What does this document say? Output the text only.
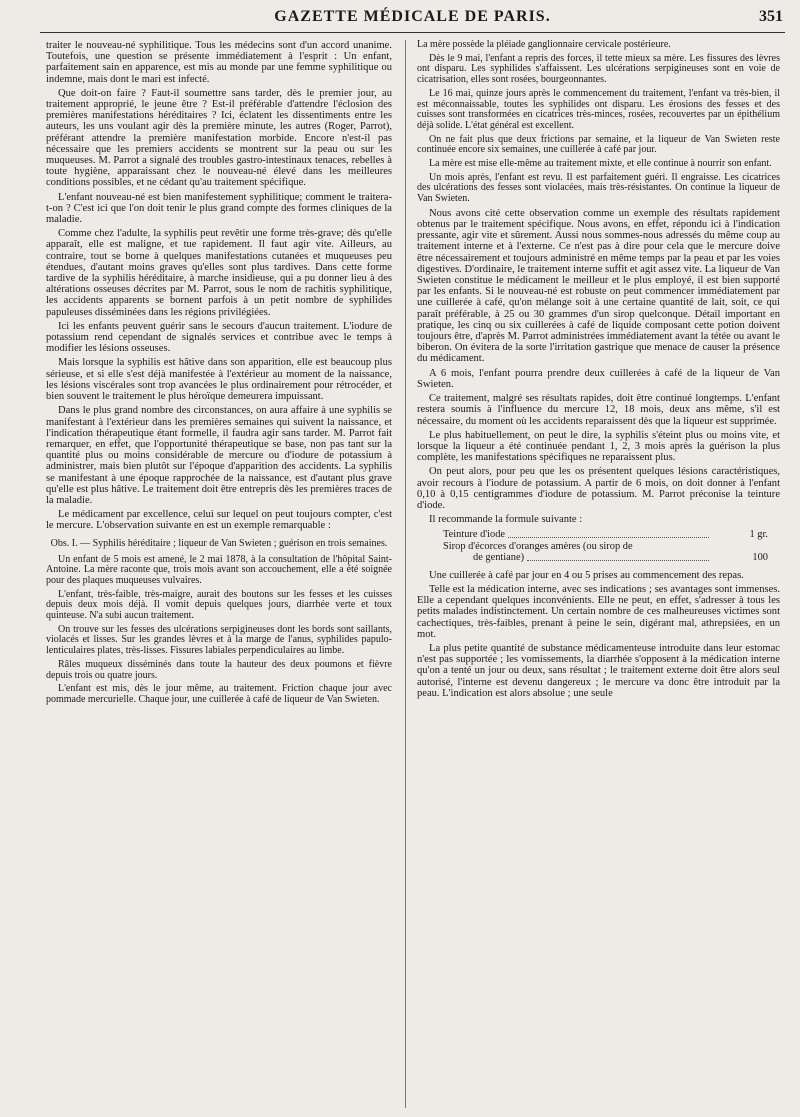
GAZETTE MÉDICALE DE PARIS.	351

traiter le nouveau-né syphilitique. Tous les médecins sont d'un accord unanime. Toutefois, une question se présente immédiatement à l'esprit : Un enfant, parfaitement sain en apparence, est mis au monde par une femme syphilitique ou indemne, mais dont le mari est infecté.

Que doit-on faire ? Faut-il soumettre sans tarder, dès le premier jour, au traitement approprié, le jeune être ? Est-il préférable d'attendre l'éclosion des premières manifestations héréditaires ? Ici, éclatent les dissentiments entre les auteurs, les uns voulant agir dès la première minute, les autres (Roger, Parrot), préférant attendre la première manifestation morbide. Encore n'est-il pas nécessaire que les premiers accidents se montrent sur la peau ou sur les muqueuses. M. Parrot a signalé des troubles gastro-intestinaux tenaces, rebelles à toute hygiène, apparaissant chez le nouveau-né élevé dans les meilleures conditions possibles, et ne cédant qu'au traitement spécifique.

L'enfant nouveau-né est bien manifestement syphilitique; comment le traitera-t-on ? C'est ici que l'on doit tenir le plus grand compte des formes cliniques de la maladie.

Comme chez l'adulte, la syphilis peut revêtir une forme très-grave; dès qu'elle apparaît, elle est maligne, et tue rapidement. Il faut agir vite. Ailleurs, au contraire, tout se borne à quelques manifestations cutanées et muqueuses peu étendues, d'autant moins graves qu'elles sont plus tardives. Dans cette forme tardive de la syphilis héréditaire, à marche insidieuse, qui a pu donner lieu à des altérations osseuses décrites par M. Parrot, sous le nom de rachitis syphilitique, les accidents apparents se bornent parfois à un petit nombre de syphilides papuleuses disséminées dans les régions privilégiées.

Ici les enfants peuvent guérir sans le secours d'aucun traitement. L'iodure de potassium rend cependant de signalés services et contribue avec le temps à modifier les lésions osseuses.

Mais lorsque la syphilis est hâtive dans son apparition, elle est beaucoup plus sérieuse, et si elle s'est déjà manifestée à l'extérieur au moment de la naissance, les lésions viscérales sont trop avancées le plus ordinairement pour rétrocéder, et bien souvent le traitement le plus héroïque demeurera impuissant.

Dans le plus grand nombre des circonstances, on aura affaire à une syphilis se manifestant à l'extérieur dans les premières semaines qui suivent la naissance, et l'indication thérapeutique étant formelle, il faudra agir sans tarder. M. Parrot fait remarquer, en effet, que l'opportunité thérapeutique se base, non pas tant sur la quantité plus ou moins considérable de mercure ou d'iodure de potassium à administrer, mais bien plutôt sur l'époque d'apparition des accidents. La syphilis se manifestant à une époque rapprochée de la naissance, est d'autant plus grave qu'elle est plus hâtive. Le traitement doit être entrepris dès les premières traces de la maladie.

Le médicament par excellence, celui sur lequel on peut toujours compter, c'est le mercure. L'observation suivante en est un exemple remarquable :

Obs. I. — Syphilis héréditaire ; liqueur de Van Swieten ; guérison en trois semaines.

Un enfant de 5 mois est amené, le 2 mai 1878, à la consultation de l'hôpital Saint-Antoine. La mère raconte que, trois mois avant son accouchement, elle a été soignée pour des plaques muqueuses vulvaires.

L'enfant, très-faible, très-maigre, aurait des boutons sur les fesses et les cuisses depuis deux mois déjà. Il vomit depuis quelques jours, diarrhée verte et toux quinteuse. N'a subi aucun traitement.

On trouve sur les fesses des ulcérations serpigineuses dont les bords sont saillants, violacés et lisses. Sur les grandes lèvres et à la marge de l'anus, syphilides papulo-lenticulaires plates, très-lisses. Fissures labiales perpendiculaires au limbe.

Râles muqueux disséminés dans toute la hauteur des deux poumons et fièvre depuis trois ou quatre jours.

L'enfant est mis, dès le jour même, au traitement. Friction chaque jour avec pommade mercurielle. Chaque jour, une cuillerée à café de liqueur de Van Swieten.

La mère possède la pléiade ganglionnaire cervicale postérieure.

Dès le 9 mai, l'enfant a repris des forces, il tette mieux sa mère. Les fissures des lèvres ont disparu. Les syphilides s'affaissent. Les ulcérations serpigineuses sont en voie de cicatrisation, elles sont rosées, bourgeonnantes.

Le 16 mai, quinze jours après le commencement du traitement, l'enfant va très-bien, il est méconnaissable, toutes les syphilides ont disparu. Les érosions des fesses et des cuisses sont transformées en cicatrices très-minces, rosées, recouvertes par un épithélium déjà solide. L'état général est excellent.

On ne fait plus que deux frictions par semaine, et la liqueur de Van Swieten reste continuée encore six semaines, une cuillerée à café par jour.

La mère est mise elle-même au traitement mixte, et elle continue à nourrir son enfant.

Un mois après, l'enfant est revu. Il est parfaitement guéri. Il engraisse. Les cicatrices des ulcérations des fesses sont violacées, mais très-résistantes. On continue la liqueur de Van Swieten.

Nous avons cité cette observation comme un exemple des résultats rapidement obtenus par le traitement spécifique. Nous avons, en effet, répondu ici à l'indication pressante, agir vite et sûrement. Aussi nous sommes-nous adressés du même coup au traitement interne et à l'externe. Ce n'est pas à dire pour cela que le mercure doive être nécessairement et toujours administré en même temps par la peau et par les voies digestives. D'ordinaire, le traitement interne suffit et agit assez vite. La liqueur de Van Swieten constitue le médicament le meilleur et le plus employé, il est bien supporté par les enfants. Si le nouveau-né est robuste on peut commencer immédiatement par une cuillerée à café, qu'on mélange soit à une certaine quantité de lait, soit, ce qui paraît préférable, à 25 ou 30 grammes d'un sirop quelconque. Détail important en pratique, les cinq ou six cuillerées à café de liquide composant cette potion doivent toujours être, d'après M. Parrot administrées immédiatement avant la tétée ou avant le biberon. On évitera de la sorte l'irritation gastrique que menace de causer la présence du médicament.

A 6 mois, l'enfant pourra prendre deux cuillerées à café de la liqueur de Van Swieten.

Ce traitement, malgré ses résultats rapides, doit être continué longtemps. L'enfant restera soumis à l'influence du mercure 12, 18 mois, deux ans même, s'il est nécessaire, du moment où les accidents reparaissent dès que la liqueur est supprimée.

Le plus habituellement, on peut le dire, la syphilis s'éteint plus ou moins vite, et lorsque la liqueur a été continuée pendant 1, 2, 3 mois après la guérison la plus complète, les manifestations spécifiques ne reparaissent plus.

On peut alors, pour peu que les os présentent quelques lésions caractéristiques, avoir recours à l'iodure de potassium. A partir de 6 mois, on doit donner à l'enfant 0,10 à 0,15 centigrammes d'iodure de potassium. M. Parrot préconise la teinture d'iode.

Il recommande la formule suivante :

Teinture d'iode	1 gr.
Sirop d'écorces d'oranges amères (ou sirop de
de gentiane)	100

Une cuillerée à café par jour en 4 ou 5 prises au commencement des repas.

Telle est la médication interne, avec ses indications ; ses avantages sont immenses. Elle a cependant quelques inconvénients. Elle ne peut, en effet, s'adresser à tous les petits malades indistinctement. Un certain nombre de ces malheureuses victimes sont cachectiques, très-faibles, prenant à peine le sein, digérant mal, athrepsiées, en un mot.

La plus petite quantité de substance médicamenteuse introduite dans leur estomac n'est pas supportée ; les vomissements, la diarrhée s'opposent à la médication interne qu'on a tenté un jour ou deux, sans résultat ; le traitement externe doit être alors seul autorisé, l'interne est devenu dangereux ; le mercure va donc être introduit par la peau. L'indication est alors absolue ; une seule
